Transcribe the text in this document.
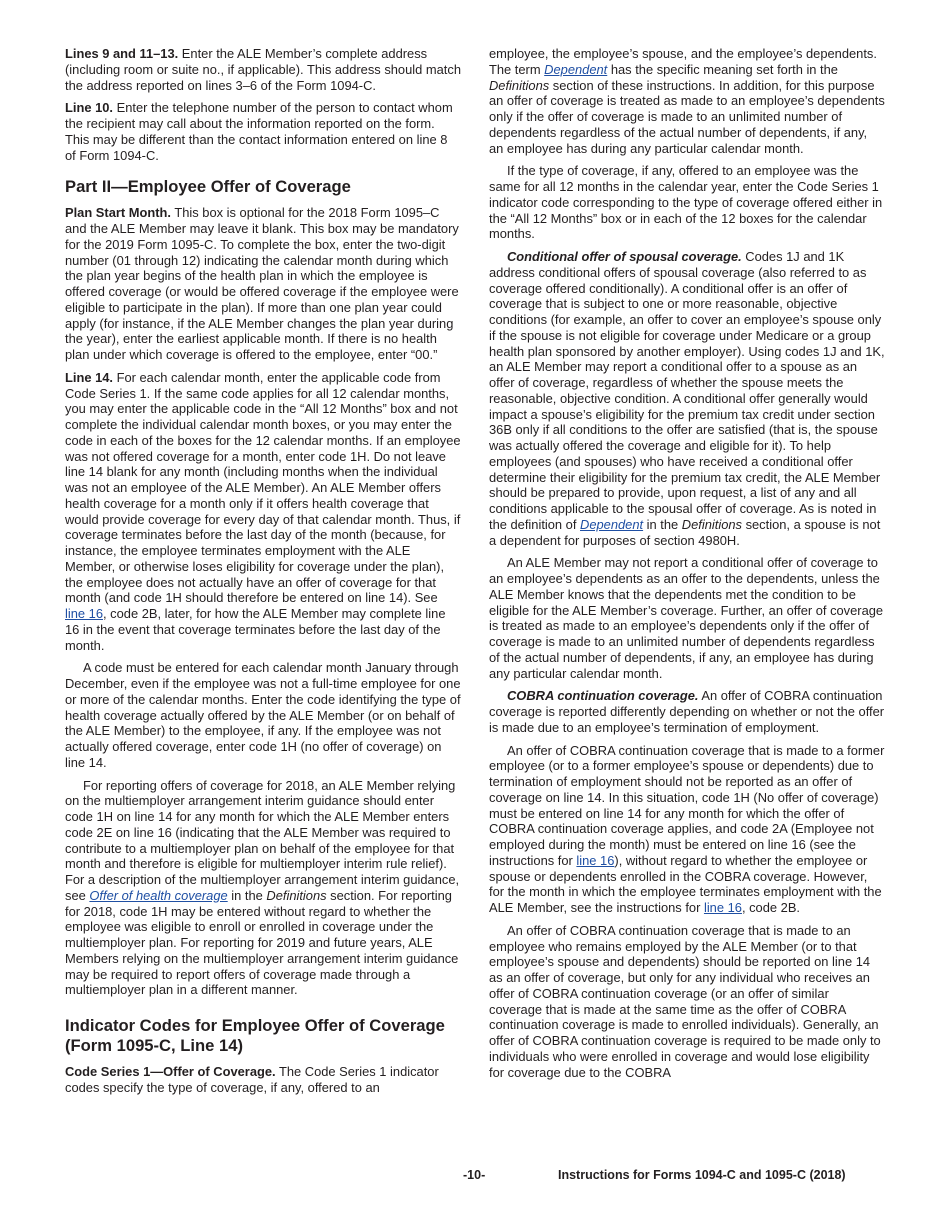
Lines 9 and 11–13. Enter the ALE Member’s complete address (including room or suite no., if applicable). This address should match the address reported on lines 3–6 of the Form 1094-C.

Line 10. Enter the telephone number of the person to contact whom the recipient may call about the information reported on the form. This may be different than the contact information entered on line 8 of Form 1094-C.

Part II—Employee Offer of Coverage

Plan Start Month. This box is optional for the 2018 Form 1095–C and the ALE Member may leave it blank. This box may be mandatory for the 2019 Form 1095-C. To complete the box, enter the two-digit number (01 through 12) indicating the calendar month during which the plan year begins of the health plan in which the employee is offered coverage (or would be offered coverage if the employee were eligible to participate in the plan). If more than one plan year could apply (for instance, if the ALE Member changes the plan year during the year), enter the earliest applicable month. If there is no health plan under which coverage is offered to the employee, enter “00.”

Line 14. For each calendar month, enter the applicable code from Code Series 1. If the same code applies for all 12 calendar months, you may enter the applicable code in the “All 12 Months” box and not complete the individual calendar month boxes, or you may enter the code in each of the boxes for the 12 calendar months. If an employee was not offered coverage for a month, enter code 1H. Do not leave line 14 blank for any month (including months when the individual was not an employee of the ALE Member). An ALE Member offers health coverage for a month only if it offers health coverage that would provide coverage for every day of that calendar month. Thus, if coverage terminates before the last day of the month (because, for instance, the employee terminates employment with the ALE Member, or otherwise loses eligibility for coverage under the plan), the employee does not actually have an offer of coverage for that month (and code 1H should therefore be entered on line 14). See line 16, code 2B, later, for how the ALE Member may complete line 16 in the event that coverage terminates before the last day of the month.

A code must be entered for each calendar month January through December, even if the employee was not a full-time employee for one or more of the calendar months. Enter the code identifying the type of health coverage actually offered by the ALE Member (or on behalf of the ALE Member) to the employee, if any. If the employee was not actually offered coverage, enter code 1H (no offer of coverage) on line 14.

For reporting offers of coverage for 2018, an ALE Member relying on the multiemployer arrangement interim guidance should enter code 1H on line 14 for any month for which the ALE Member enters code 2E on line 16 (indicating that the ALE Member was required to contribute to a multiemployer plan on behalf of the employee for that month and therefore is eligible for multiemployer interim rule relief). For a description of the multiemployer arrangement interim guidance, see Offer of health coverage in the Definitions section. For reporting for 2018, code 1H may be entered without regard to whether the employee was eligible to enroll or enrolled in coverage under the multiemployer plan. For reporting for 2019 and future years, ALE Members relying on the multiemployer arrangement interim guidance may be required to report offers of coverage made through a multiemployer plan in a different manner.

Indicator Codes for Employee Offer of Coverage (Form 1095-C, Line 14)

Code Series 1—Offer of Coverage. The Code Series 1 indicator codes specify the type of coverage, if any, offered to an

employee, the employee’s spouse, and the employee’s dependents. The term Dependent has the specific meaning set forth in the Definitions section of these instructions. In addition, for this purpose an offer of coverage is treated as made to an employee’s dependents only if the offer of coverage is made to an unlimited number of dependents regardless of the actual number of dependents, if any, an employee has during any particular calendar month.

If the type of coverage, if any, offered to an employee was the same for all 12 months in the calendar year, enter the Code Series 1 indicator code corresponding to the type of coverage offered either in the “All 12 Months” box or in each of the 12 boxes for the calendar months.

Conditional offer of spousal coverage. Codes 1J and 1K address conditional offers of spousal coverage (also referred to as coverage offered conditionally). A conditional offer is an offer of coverage that is subject to one or more reasonable, objective conditions (for example, an offer to cover an employee’s spouse only if the spouse is not eligible for coverage under Medicare or a group health plan sponsored by another employer). Using codes 1J and 1K, an ALE Member may report a conditional offer to a spouse as an offer of coverage, regardless of whether the spouse meets the reasonable, objective condition. A conditional offer generally would impact a spouse’s eligibility for the premium tax credit under section 36B only if all conditions to the offer are satisfied (that is, the spouse was actually offered the coverage and eligible for it). To help employees (and spouses) who have received a conditional offer determine their eligibility for the premium tax credit, the ALE Member should be prepared to provide, upon request, a list of any and all conditions applicable to the spousal offer of coverage. As is noted in the definition of Dependent in the Definitions section, a spouse is not a dependent for purposes of section 4980H.

An ALE Member may not report a conditional offer of coverage to an employee’s dependents as an offer to the dependents, unless the ALE Member knows that the dependents met the condition to be eligible for the ALE Member’s coverage. Further, an offer of coverage is treated as made to an employee’s dependents only if the offer of coverage is made to an unlimited number of dependents regardless of the actual number of dependents, if any, an employee has during any particular calendar month.

COBRA continuation coverage. An offer of COBRA continuation coverage is reported differently depending on whether or not the offer is made due to an employee’s termination of employment.

An offer of COBRA continuation coverage that is made to a former employee (or to a former employee’s spouse or dependents) due to termination of employment should not be reported as an offer of coverage on line 14. In this situation, code 1H (No offer of coverage) must be entered on line 14 for any month for which the offer of COBRA continuation coverage applies, and code 2A (Employee not employed during the month) must be entered on line 16 (see the instructions for line 16), without regard to whether the employee or spouse or dependents enrolled in the COBRA coverage. However, for the month in which the employee terminates employment with the ALE Member, see the instructions for line 16, code 2B.

An offer of COBRA continuation coverage that is made to an employee who remains employed by the ALE Member (or to that employee’s spouse and dependents) should be reported on line 14 as an offer of coverage, but only for any individual who receives an offer of COBRA continuation coverage (or an offer of similar coverage that is made at the same time as the offer of COBRA continuation coverage is made to enrolled individuals). Generally, an offer of COBRA continuation coverage is required to be made only to individuals who were enrolled in coverage and would lose eligibility for coverage due to the COBRA

-10-	Instructions for Forms 1094-C and 1095-C (2018)
